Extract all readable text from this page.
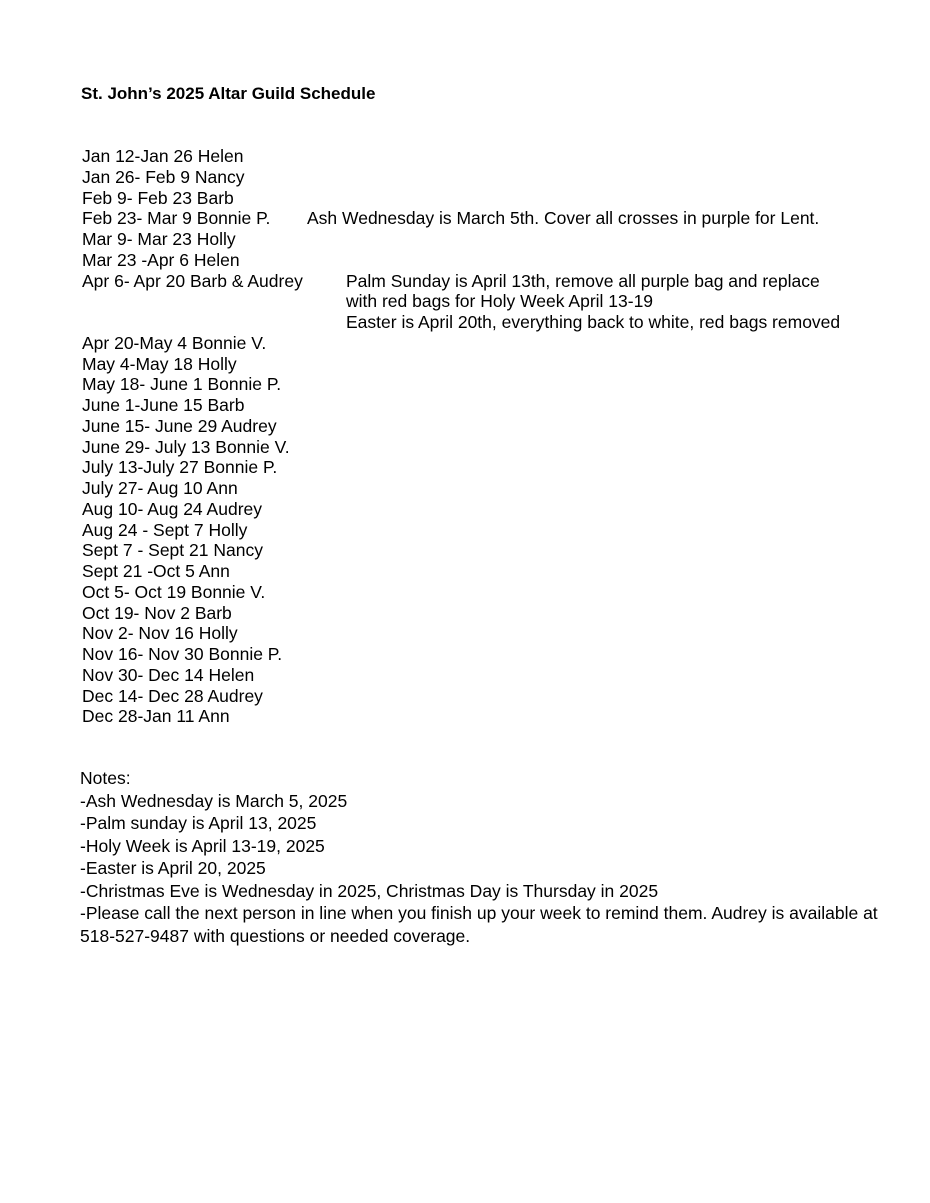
St. John’s 2025 Altar Guild Schedule
Jan 12-Jan 26 Helen
Jan 26- Feb 9 Nancy
Feb 9- Feb 23 Barb
Feb 23- Mar 9 Bonnie P. Ash Wednesday is March 5th. Cover all crosses in purple for Lent.
Mar 9- Mar 23 Holly
Mar 23 -Apr 6 Helen
Apr 6- Apr 20 Barb & Audrey Palm Sunday is April 13th, remove all purple bag and replace
with red bags for Holy Week April 13-19
Easter is April 20th, everything back to white, red bags removed
Apr 20-May 4 Bonnie V.
May 4-May 18 Holly
May 18- June 1 Bonnie P.
June 1-June 15 Barb
June 15- June 29 Audrey
June 29- July 13 Bonnie V.
July 13-July 27 Bonnie P.
July 27- Aug 10 Ann
Aug 10- Aug 24 Audrey
Aug 24 - Sept 7 Holly
Sept 7 - Sept 21 Nancy
Sept 21 -Oct 5 Ann
Oct 5- Oct 19 Bonnie V.
Oct 19- Nov 2 Barb
Nov 2- Nov 16 Holly
Nov 16- Nov 30 Bonnie P.
Nov 30- Dec 14 Helen
Dec 14- Dec 28 Audrey
Dec 28-Jan 11 Ann
Notes:
-Ash Wednesday is March 5, 2025
-Palm sunday is April 13, 2025
-Holy Week is April 13-19, 2025
-Easter is April 20, 2025
-Christmas Eve is Wednesday in 2025, Christmas Day is Thursday in 2025
-Please call the next person in line when you finish up your week to remind them. Audrey is available at 518-527-9487 with questions or needed coverage.
